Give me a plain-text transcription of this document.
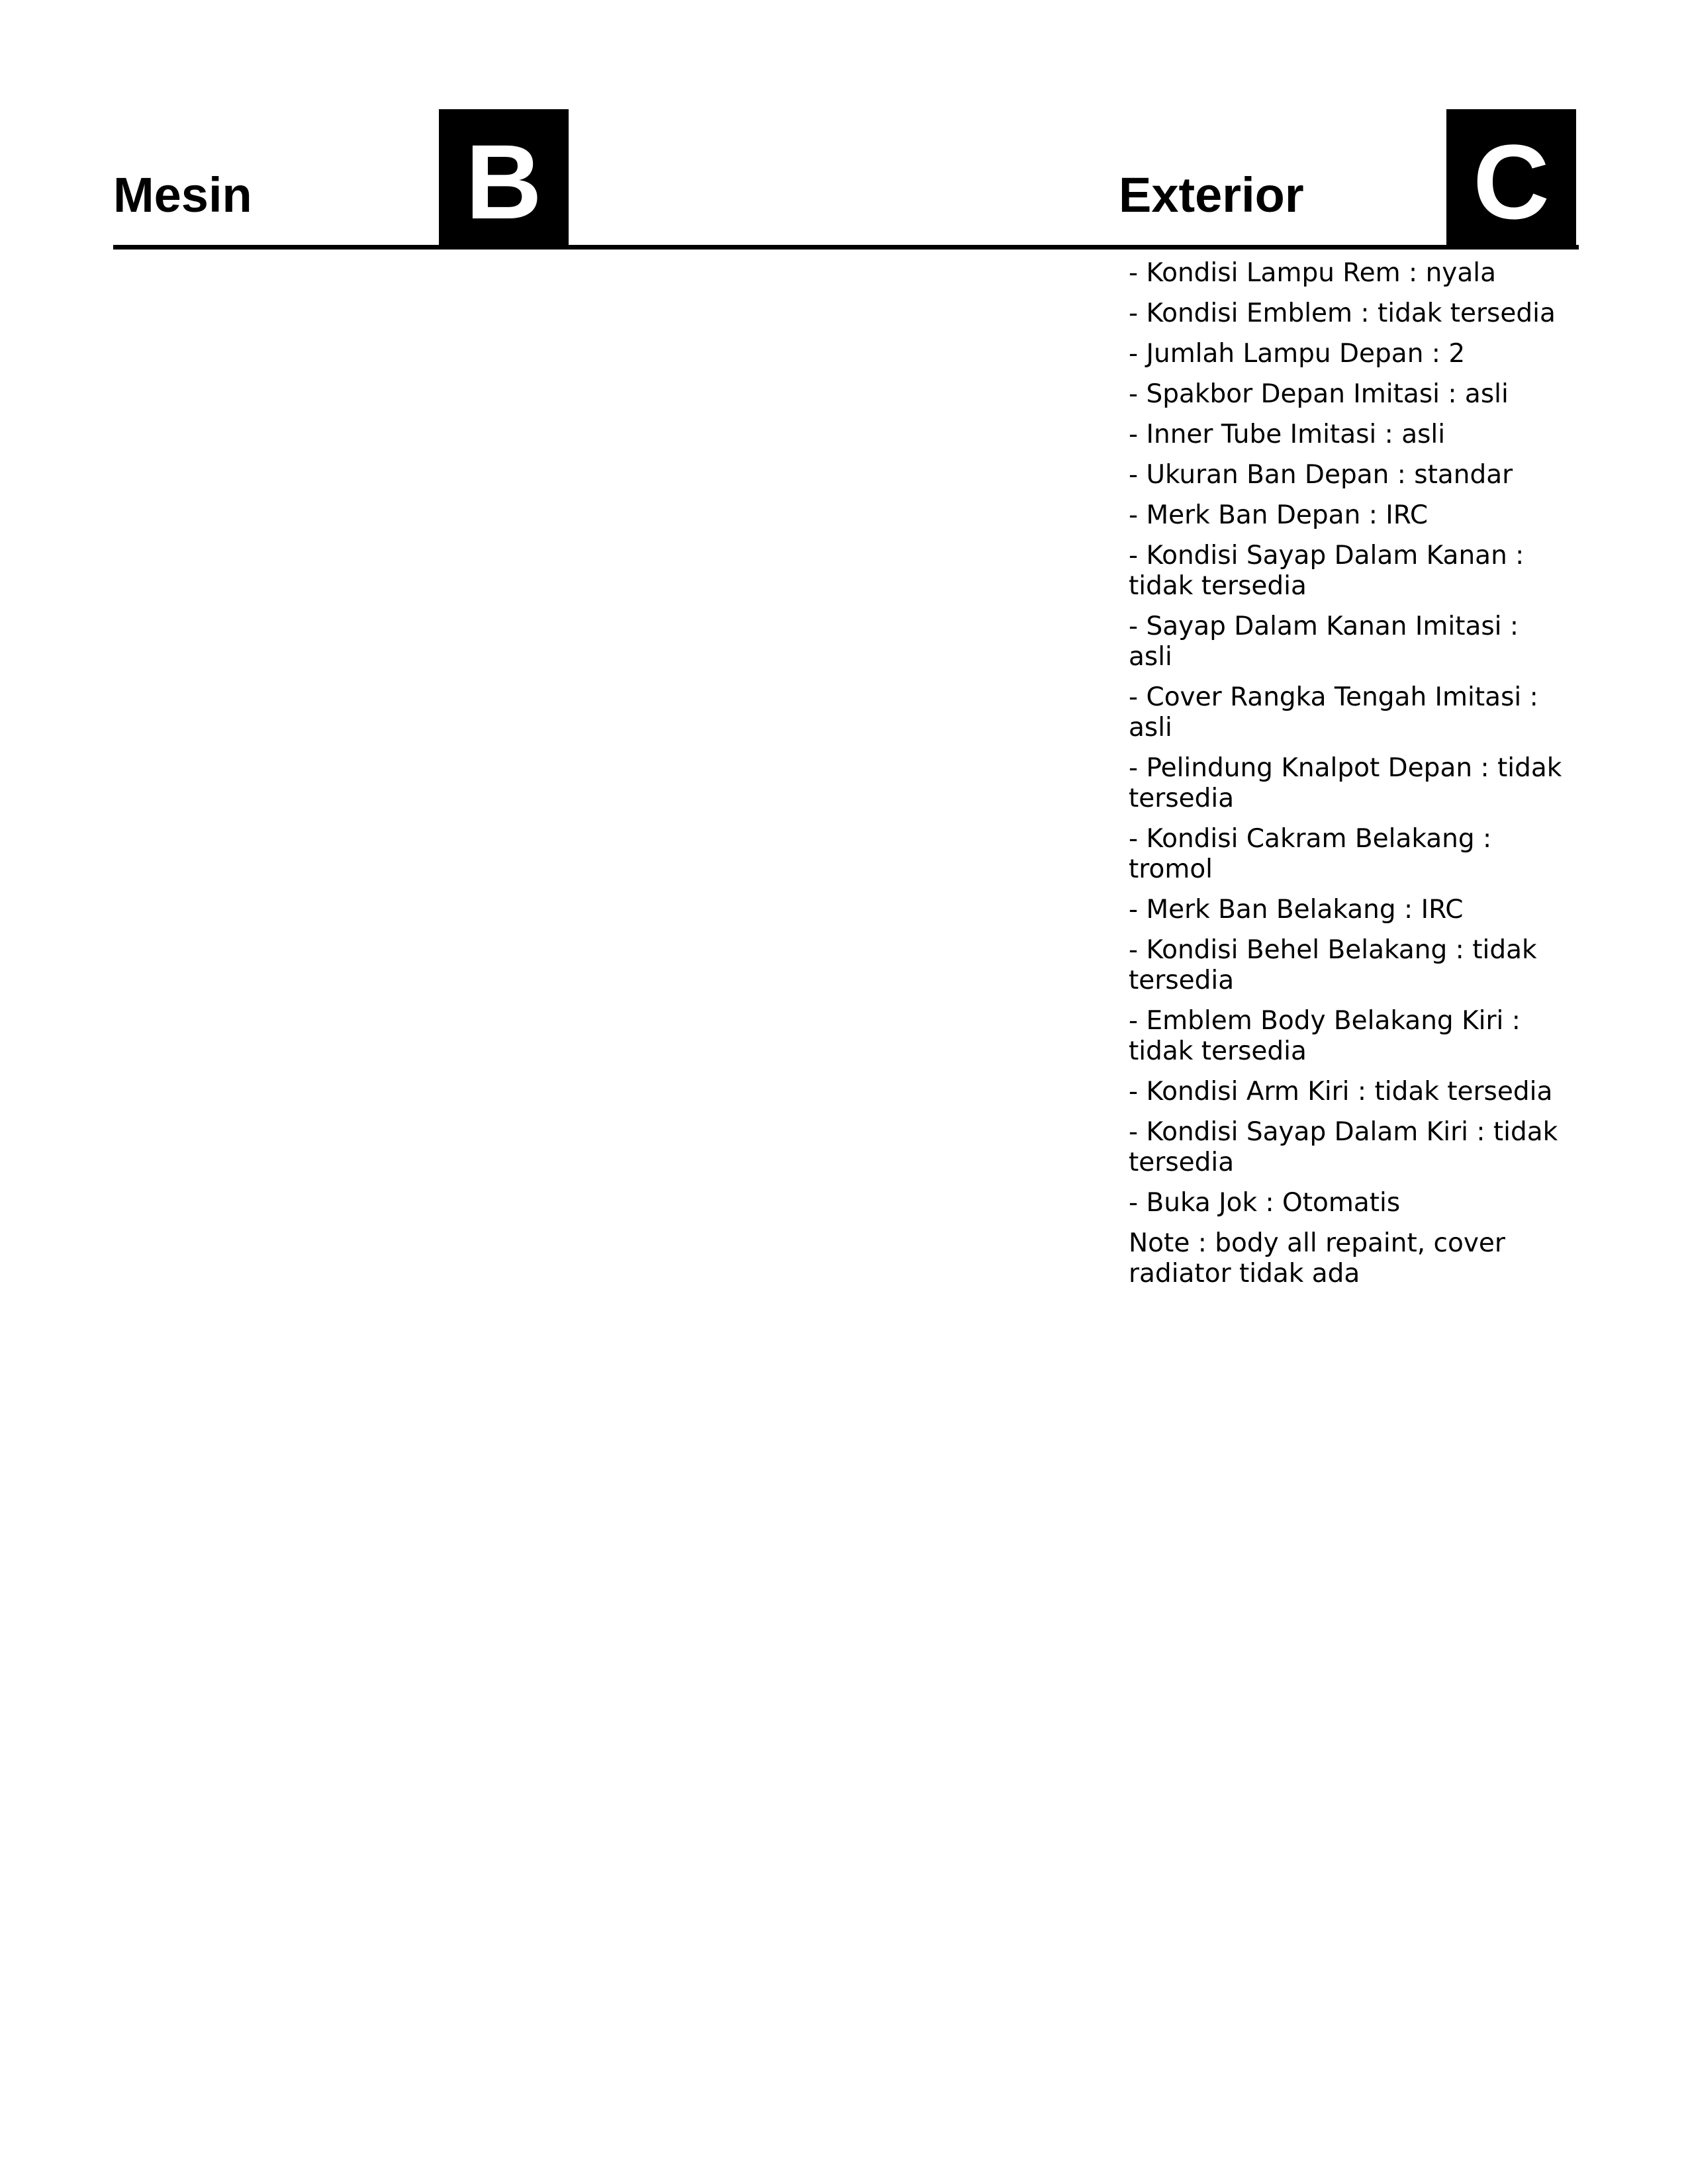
Mesin B	Exterior C
- Kondisi Lampu Rem : nyala
- Kondisi Emblem : tidak tersedia
- Jumlah Lampu Depan : 2
- Spakbor Depan Imitasi : asli
- Inner Tube Imitasi : asli
- Ukuran Ban Depan : standar
- Merk Ban Depan : IRC
- Kondisi Sayap Dalam Kanan : tidak tersedia
- Sayap Dalam Kanan Imitasi : asli
- Cover Rangka Tengah Imitasi : asli
- Pelindung Knalpot Depan : tidak tersedia
- Kondisi Cakram Belakang : tromol
- Merk Ban Belakang : IRC
- Kondisi Behel Belakang : tidak tersedia
- Emblem Body Belakang Kiri : tidak tersedia
- Kondisi Arm Kiri : tidak tersedia
- Kondisi Sayap Dalam Kiri : tidak tersedia
- Buka Jok : Otomatis
Note : body all repaint, cover radiator tidak ada
